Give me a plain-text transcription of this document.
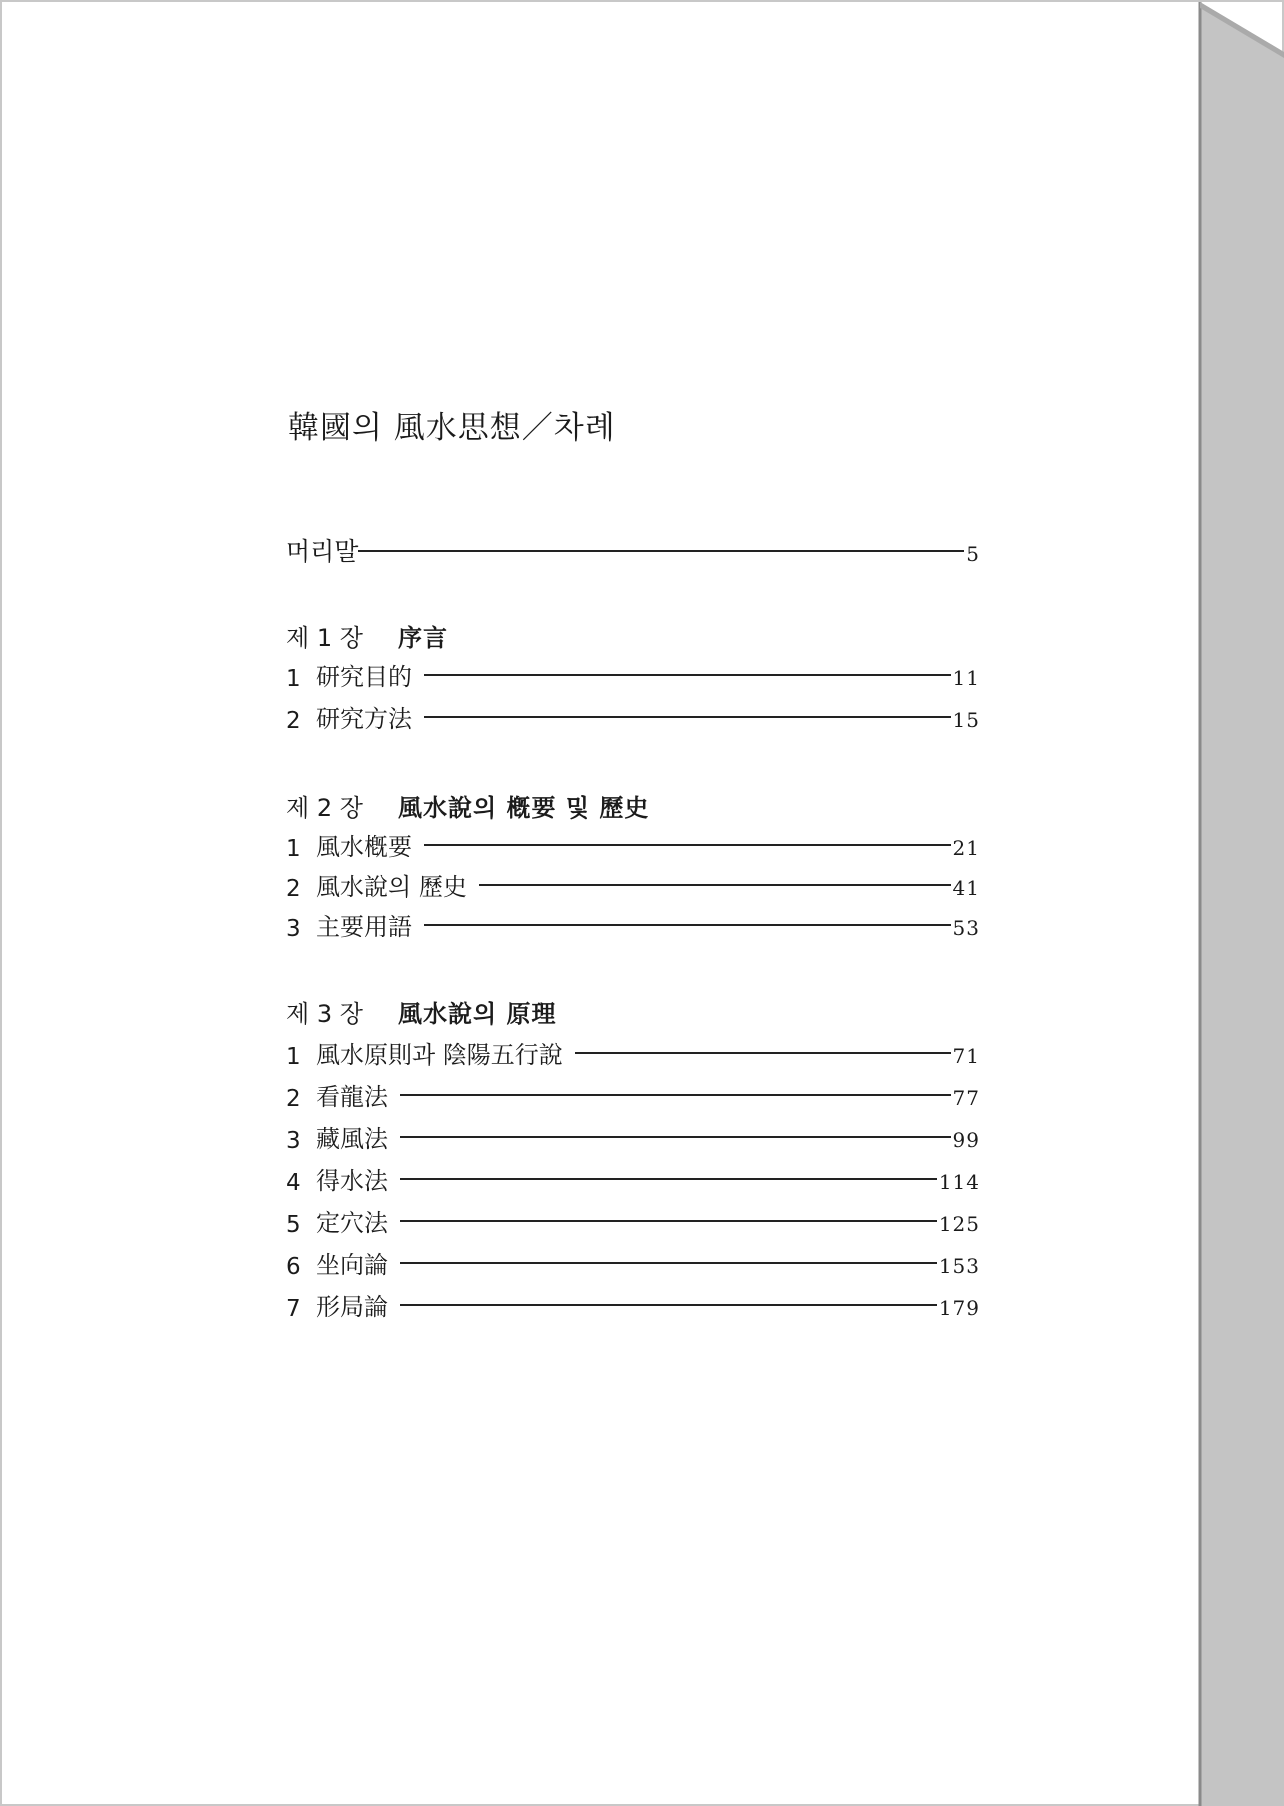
韓國의 風水思想／차례
머리말	5
제 1 장	序言
1 研究目的	11
2 研究方法	15
제 2 장	風水說의 槪要 및 歷史
1 風水槪要	21
2 風水說의 歷史	41
3 主要用語	53
제 3 장	風水說의 原理
1 風水原則과 陰陽五行說	71
2 看龍法	77
3 藏風法	99
4 得水法	114
5 定穴法	125
6 坐向論	153
7 形局論	179
